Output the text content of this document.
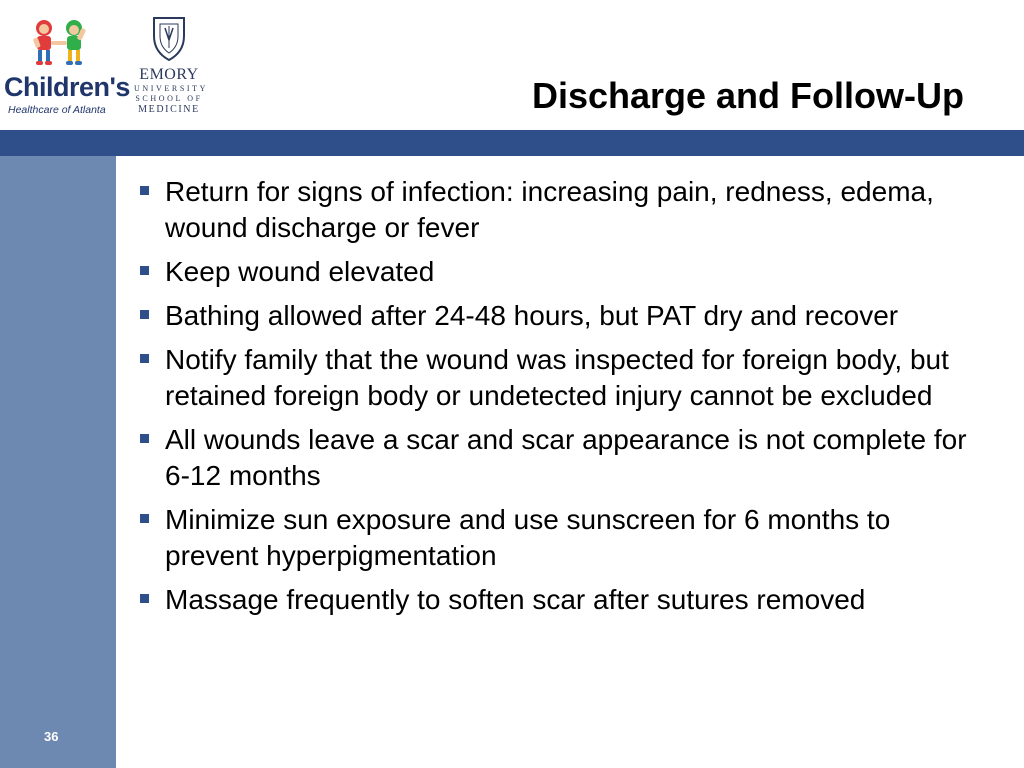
Children's
Healthcare of Atlanta
EMORY
UNIVERSITY
SCHOOL OF
MEDICINE	Discharge and Follow-Up
36
Return for signs of infection: increasing pain, redness, edema, wound discharge or fever
Keep wound elevated
Bathing allowed after 24-48 hours, but PAT dry and recover
Notify family that the wound was inspected for foreign body, but retained foreign body or undetected injury cannot be excluded
All wounds leave a scar and scar appearance is not complete for 6-12 months
Minimize sun exposure and use sunscreen for 6 months to prevent hyperpigmentation
Massage frequently to soften scar after sutures removed
